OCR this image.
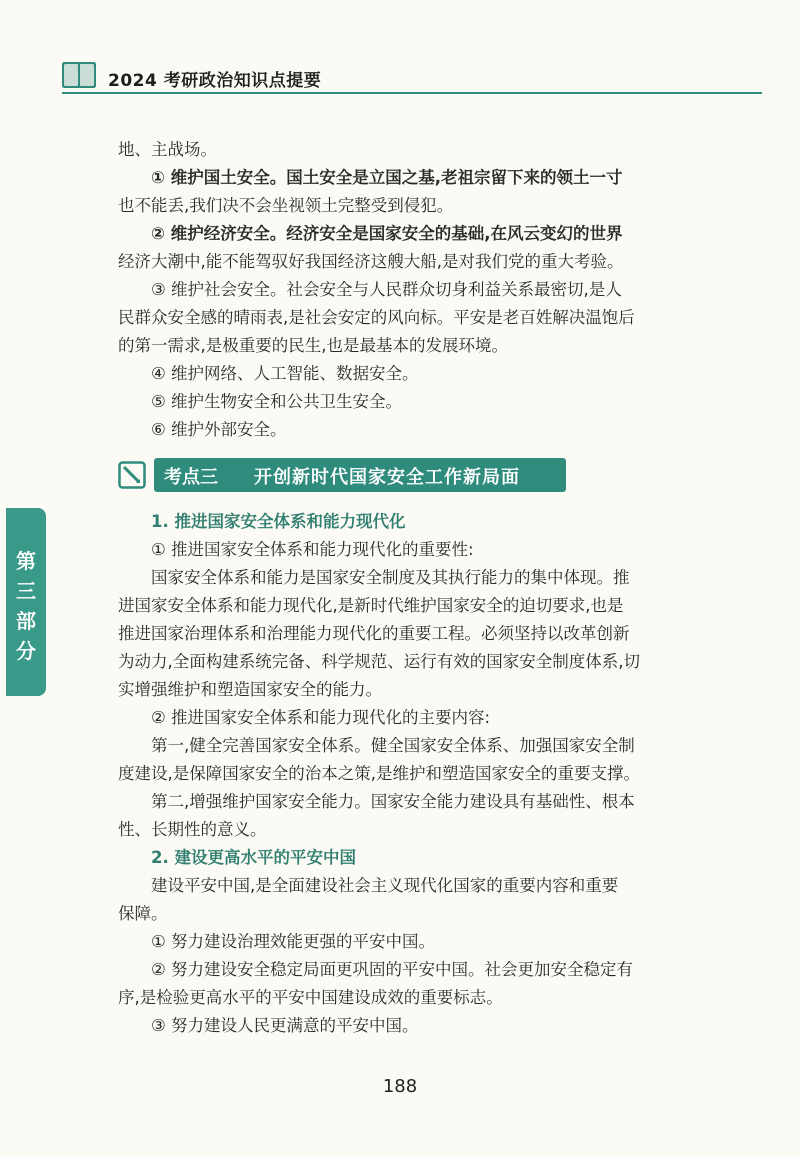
2024 考研政治知识点提要
第
三
部
分

地、主战场。

① 维护国土安全。国土安全是立国之基,老祖宗留下来的领土一寸

也不能丢,我们决不会坐视领土完整受到侵犯。

② 维护经济安全。经济安全是国家安全的基础,在风云变幻的世界

经济大潮中,能不能驾驭好我国经济这艘大船,是对我们党的重大考验。

③ 维护社会安全。社会安全与人民群众切身利益关系最密切,是人

民群众安全感的晴雨表,是社会安定的风向标。平安是老百姓解决温饱后

的第一需求,是极重要的民生,也是最基本的发展环境。

④ 维护网络、人工智能、数据安全。

⑤ 维护生物安全和公共卫生安全。

⑥ 维护外部安全。

考点三 开创新时代国家安全工作新局面

1. 推进国家安全体系和能力现代化

① 推进国家安全体系和能力现代化的重要性:

国家安全体系和能力是国家安全制度及其执行能力的集中体现。推

进国家安全体系和能力现代化,是新时代维护国家安全的迫切要求,也是

推进国家治理体系和治理能力现代化的重要工程。必须坚持以改革创新

为动力,全面构建系统完备、科学规范、运行有效的国家安全制度体系,切

实增强维护和塑造国家安全的能力。

② 推进国家安全体系和能力现代化的主要内容:

第一,健全完善国家安全体系。健全国家安全体系、加强国家安全制

度建设,是保障国家安全的治本之策,是维护和塑造国家安全的重要支撑。

第二,增强维护国家安全能力。国家安全能力建设具有基础性、根本

性、长期性的意义。

2. 建设更高水平的平安中国

建设平安中国,是全面建设社会主义现代化国家的重要内容和重要

保障。

① 努力建设治理效能更强的平安中国。

② 努力建设安全稳定局面更巩固的平安中国。社会更加安全稳定有

序,是检验更高水平的平安中国建设成效的重要标志。

③ 努力建设人民更满意的平安中国。

188
